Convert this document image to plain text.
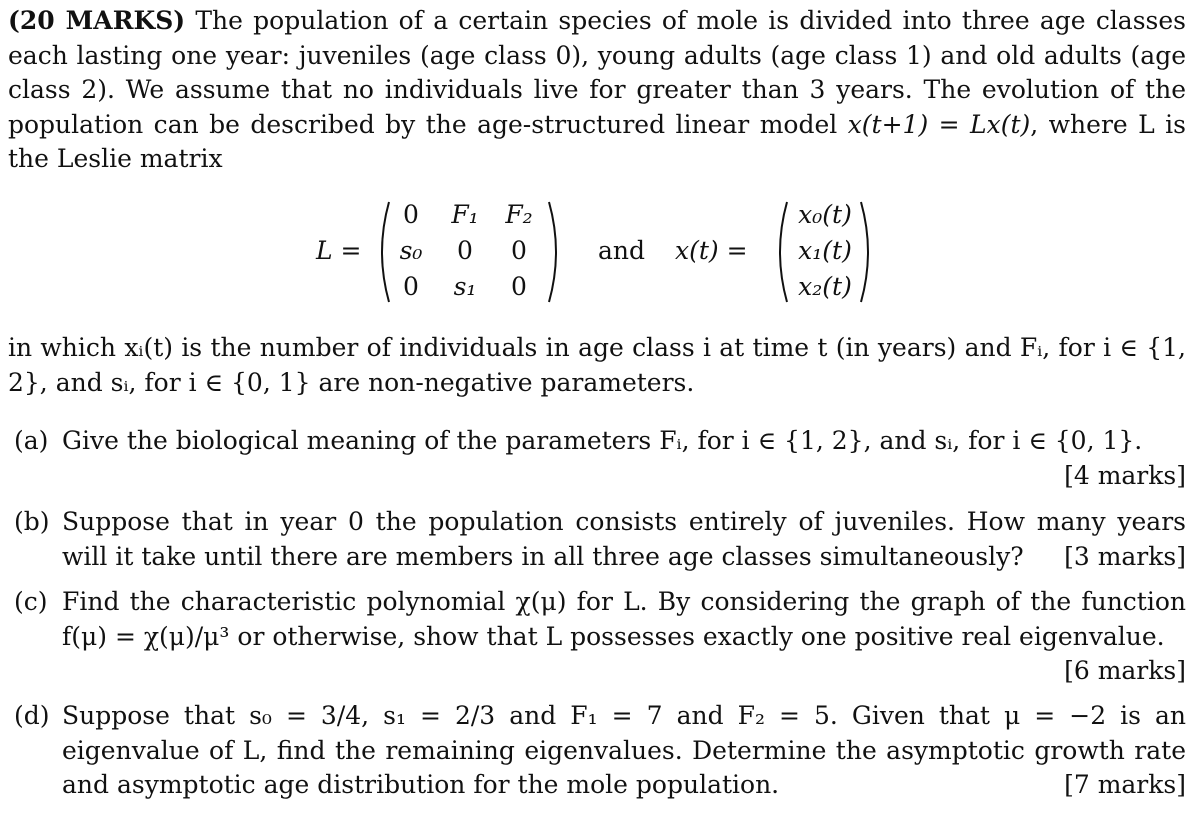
(20 MARKS) The population of a certain species of mole is divided into three age classes each lasting one year: juveniles (age class 0), young adults (age class 1) and old adults (age class 2). We assume that no individuals live for greater than 3 years. The evolution of the population can be described by the age-structured linear model x(t+1) = Lx(t), where L is the Leslie matrix
L =
0	F₁	F₂
s₀	0	0
0	s₁	0
and x(t) =
x₀(t)
x₁(t)
x₂(t)
in which xᵢ(t) is the number of individuals in age class i at time t (in years) and Fᵢ, for i ∈ {1, 2}, and sᵢ, for i ∈ {0, 1} are non-negative parameters.
(a) Give the biological meaning of the parameters Fᵢ, for i ∈ {1, 2}, and sᵢ, for i ∈ {0, 1}.
[4 marks]
(b) Suppose that in year 0 the population consists entirely of juveniles. How many years will it take until there are members in all three age classes simultaneously? [3 marks]
(c) Find the characteristic polynomial χ(μ) for L. By considering the graph of the function f(μ) = χ(μ)/μ³ or otherwise, show that L possesses exactly one positive real eigenvalue.
[6 marks]
(d) Suppose that s₀ = 3/4, s₁ = 2/3 and F₁ = 7 and F₂ = 5. Given that μ = −2 is an eigenvalue of L, find the remaining eigenvalues. Determine the asymptotic growth rate and asymptotic age distribution for the mole population.	[7 marks]
